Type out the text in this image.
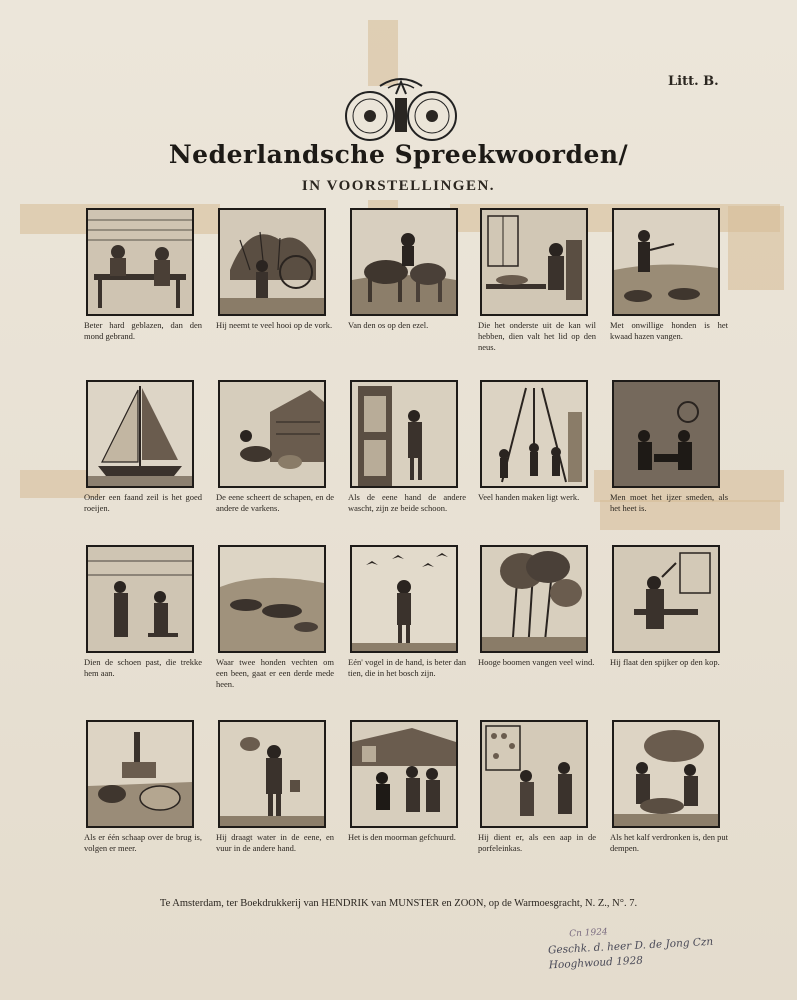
Litt. B.
Nederlandsche Spreekwoorden/
IN VOORSTELLINGEN.
Beter hard geblazen, dan den mond gebrand.
Hij neemt te veel hooi op de vork. Van den os op den ezel.	Die het onderste uit de kan wil hebben, dien valt het lid op den neus.
Met onwillige honden is het kwaad hazen vangen.
Onder een faand zeil is het goed roeijen.
De eene scheert de schapen, en de andere de varkens.
Als de eene hand de andere wascht, zijn ze beide schoon.
Veel handen maken ligt werk.	Men moet het ijzer smeden, als het heet is.
Dien de schoen past, die trekke hem aan.
Waar twee honden vechten om een been, gaat er een derde mede heen.
Eén' vogel in de hand, is beter dan tien, die in het bosch zijn.
Hooge boomen vangen veel wind. Hij flaat den spijker op den kop.
Als er één schaap over de brug is, volgen er meer.
Hij draagt water in de eene, en vuur in de andere hand.
Het is den moorman gefchuurd.	Hij dient er, als een aap in de porfeleinkas.
Als het kalf verdronken is, den put dempen.
Te Amsterdam, ter Boekdrukkerij van HENDRIK van MUNSTER en ZOON, op de Warmoesgracht, N. Z., N°. 7.
Cn 1924
Geschk. d. heer D. de Jong Czn
Hooghwoud 1928
